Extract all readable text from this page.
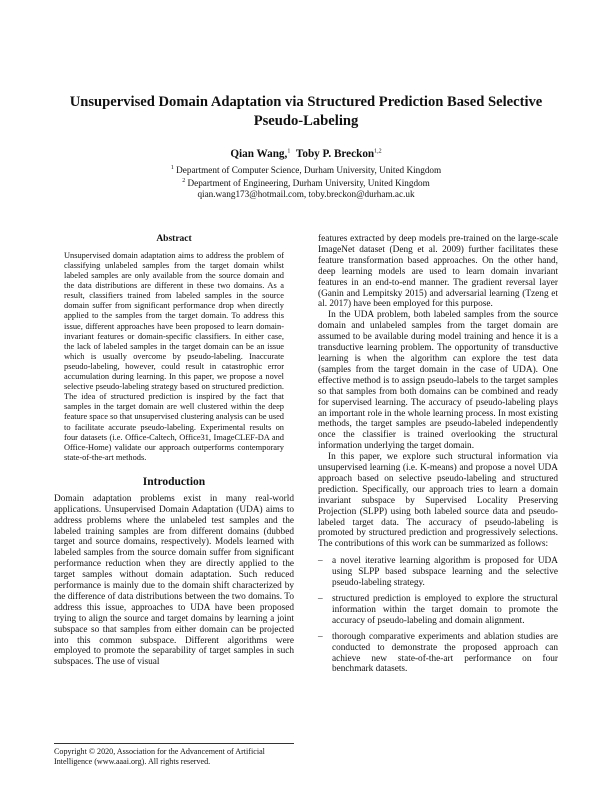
Unsupervised Domain Adaptation via Structured Prediction Based Selective Pseudo-Labeling
Qian Wang,$^1$ Toby P. Breckon$^{1,2}$
$^1$ Department of Computer Science, Durham University, United Kingdom
$^2$ Department of Engineering, Durham University, United Kingdom
qian.wang173@hotmail.com, toby.breckon@durham.ac.uk
Abstract

Unsupervised domain adaptation aims to address the problem of classifying unlabeled samples from the target domain whilst labeled samples are only available from the source domain and the data distributions are different in these two domains. As a result, classifiers trained from labeled samples in the source domain suffer from significant performance drop when directly applied to the samples from the target domain. To address this issue, different approaches have been proposed to learn domain-invariant features or domain-specific classifiers. In either case, the lack of labeled samples in the target domain can be an issue which is usually overcome by pseudo-labeling. Inaccurate pseudo-labeling, however, could result in catastrophic error accumulation during learning. In this paper, we propose a novel selective pseudo-labeling strategy based on structured prediction. The idea of structured prediction is inspired by the fact that samples in the target domain are well clustered within the deep feature space so that unsupervised clustering analysis can be used to facilitate accurate pseudo-labeling. Experimental results on four datasets (i.e. Office-Caltech, Office31, ImageCLEF-DA and Office-Home) validate our approach outperforms contemporary state-of-the-art methods.

Introduction

Domain adaptation problems exist in many real-world applications. Unsupervised Domain Adaptation (UDA) aims to address problems where the unlabeled test samples and the labeled training samples are from different domains (dubbed target and source domains, respectively). Models learned with labeled samples from the source domain suffer from significant performance reduction when they are directly applied to the target samples without domain adaptation. Such reduced performance is mainly due to the domain shift characterized by the difference of data distributions between the two domains. To address this issue, approaches to UDA have been proposed trying to align the source and target domains by learning a joint subspace so that samples from either domain can be projected into this common subspace. Different algorithms were employed to promote the separability of target samples in such subspaces. The use of visual

features extracted by deep models pre-trained on the large-scale ImageNet dataset (Deng et al. 2009) further facilitates these feature transformation based approaches. On the other hand, deep learning models are used to learn domain invariant features in an end-to-end manner. The gradient reversal layer (Ganin and Lempitsky 2015) and adversarial learning (Tzeng et al. 2017) have been employed for this purpose.

In the UDA problem, both labeled samples from the source domain and unlabeled samples from the target domain are assumed to be available during model training and hence it is a transductive learning problem. The opportunity of transductive learning is when the algorithm can explore the test data (samples from the target domain in the case of UDA). One effective method is to assign pseudo-labels to the target samples so that samples from both domains can be combined and ready for supervised learning. The accuracy of pseudo-labeling plays an important role in the whole learning process. In most existing methods, the target samples are pseudo-labeled independently once the classifier is trained overlooking the structural information underlying the target domain.

In this paper, we explore such structural information via unsupervised learning (i.e. K-means) and propose a novel UDA approach based on selective pseudo-labeling and structured prediction. Specifically, our approach tries to learn a domain invariant subspace by Supervised Locality Preserving Projection (SLPP) using both labeled source data and pseudo-labeled target data. The accuracy of pseudo-labeling is promoted by structured prediction and progressively selections. The contributions of this work can be summarized as follows:

– a novel iterative learning algorithm is proposed for UDA using SLPP based subspace learning and the selective pseudo-labeling strategy.
– structured prediction is employed to explore the structural information within the target domain to promote the accuracy of pseudo-labeling and domain alignment.
– thorough comparative experiments and ablation studies are conducted to demonstrate the proposed approach can achieve new state-of-the-art performance on four benchmark datasets.
Copyright © 2020, Association for the Advancement of Artificial Intelligence (www.aaai.org). All rights reserved.
